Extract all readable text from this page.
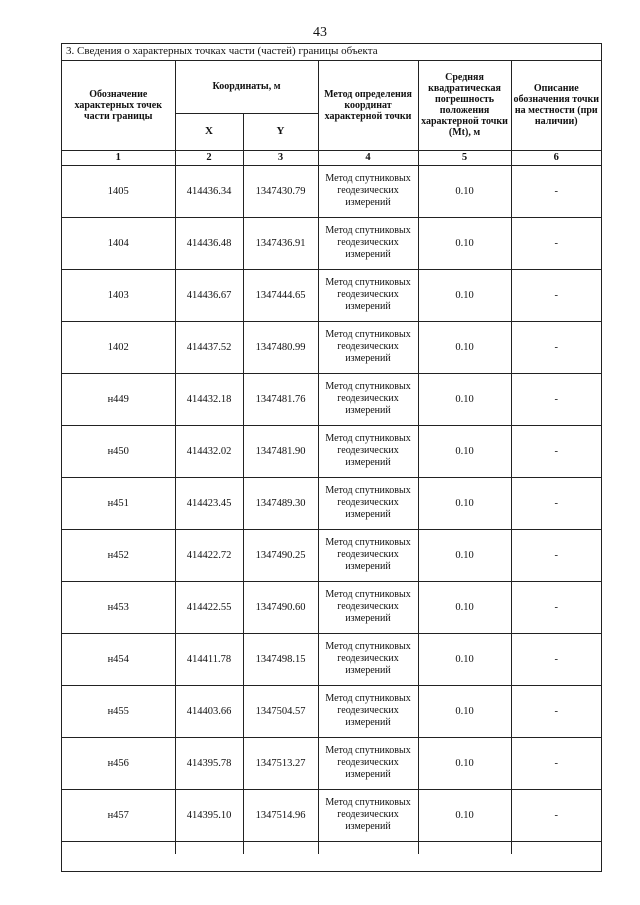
43
3. Сведения о характерных точках части (частей) границы объекта
Обозначение характерных точек части границы	Координаты, м		Метод определения координат характерной точки	Средняя квадратическая погрешность положения характерной точки (Mt), м	Описание обозначения точки на местности (при наличии)
	X	Y			
1	2	3	4	5	6
1405	414436.34	1347430.79	Метод спутниковых геодезических измерений	0.10	-
1404	414436.48	1347436.91	Метод спутниковых геодезических измерений	0.10	-
1403	414436.67	1347444.65	Метод спутниковых геодезических измерений	0.10	-
1402	414437.52	1347480.99	Метод спутниковых геодезических измерений	0.10	-
н449	414432.18	1347481.76	Метод спутниковых геодезических измерений	0.10	-
н450	414432.02	1347481.90	Метод спутниковых геодезических измерений	0.10	-
н451	414423.45	1347489.30	Метод спутниковых геодезических измерений	0.10	-
н452	414422.72	1347490.25	Метод спутниковых геодезических измерений	0.10	-
н453	414422.55	1347490.60	Метод спутниковых геодезических измерений	0.10	-
н454	414411.78	1347498.15	Метод спутниковых геодезических измерений	0.10	-
н455	414403.66	1347504.57	Метод спутниковых геодезических измерений	0.10	-
н456	414395.78	1347513.27	Метод спутниковых геодезических измерений	0.10	-
н457	414395.10	1347514.96	Метод спутниковых геодезических измерений	0.10	-
